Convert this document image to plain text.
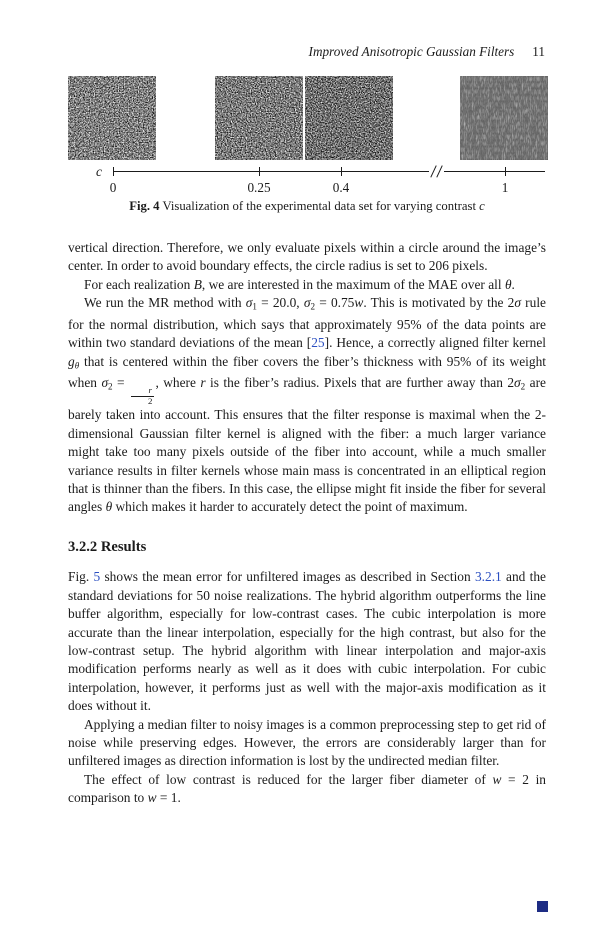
Improved Anisotropic Gaussian Filters 11
c
0	0.25	0.4	1
Fig. 4 Visualization of the experimental data set for varying contrast c

vertical direction. Therefore, we only evaluate pixels within a circle around the image’s center. In order to avoid boundary effects, the circle radius is set to 206 pixels.

For each realization B, we are interested in the maximum of the MAE over all θ.

We run the MR method with $\sigma_1 = 20.0$, $\sigma_2 = 0.75w$. This is motivated by the 2σ rule for the normal distribution, which says that approximately 95% of the data points are within two standard deviations of the mean [25]. Hence, a correctly aligned filter kernel gθ that is centered within the fiber covers the fiber’s thickness with 95% of its weight when $\sigma_2$ =
$\frac{r}{2}$
, where r is the fiber’s radius. Pixels that are further away than $2\sigma_2$ are barely taken into account. This ensures that the filter response is maximal when the 2-dimensional Gaussian filter kernel is aligned with the fiber: a much larger variance might take too many pixels outside of the fiber into account, while a much smaller variance results in filter kernels whose main mass is concentrated in an elliptical region that is thinner than the fibers. In this case, the ellipse might fit inside the fiber for several angles θ which makes it harder to accurately detect the point of maximum.

3.2.2 Results

Fig. 5 shows the mean error for unfiltered images as described in Section 3.2.1 and the standard deviations for 50 noise realizations. The hybrid algorithm outperforms the line buffer algorithm, especially for low-contrast cases. The cubic interpolation is more accurate than the linear interpolation, especially for the high contrast, but also for the low-contrast setup. The hybrid algorithm with linear interpolation and major-axis modification performs nearly as well as it does with cubic interpolation. For cubic interpolation, however, it performs just as well with the major-axis modification as it does without it.

Applying a median filter to noisy images is a common preprocessing step to get rid of noise while preserving edges. However, the errors are considerably larger than for unfiltered images as direction information is lost by the undirected median filter.

The effect of low contrast is reduced for the larger fiber diameter of w = 2 in comparison to w = 1.
